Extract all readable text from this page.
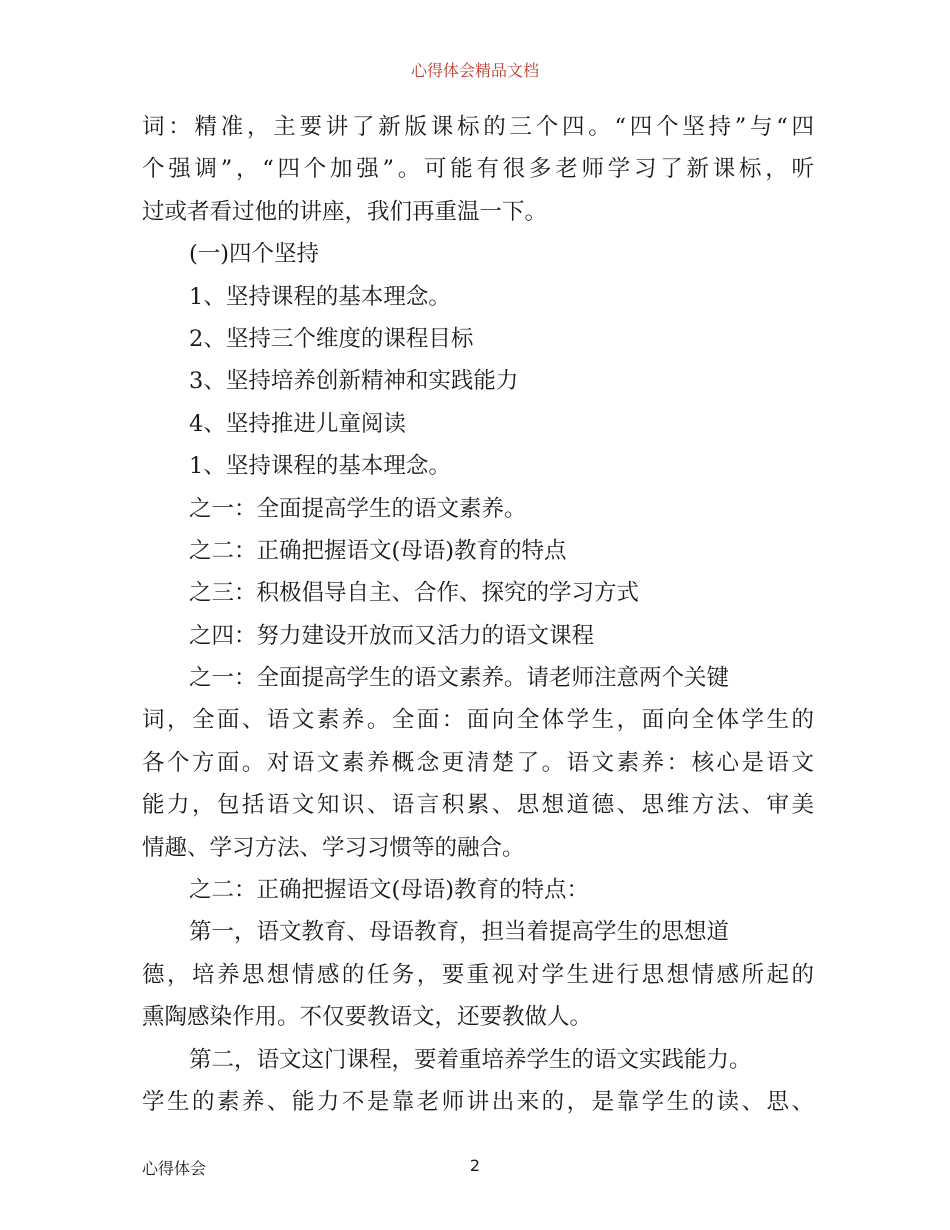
心得体会精品文档
词：精准，主要讲了新版课标的三个四。“四个坚持”与“四
个强调”，“四个加强”。可能有很多老师学习了新课标，听
过或者看过他的讲座，我们再重温一下。
(一)四个坚持
1、坚持课程的基本理念。
2、坚持三个维度的课程目标
3、坚持培养创新精神和实践能力
4、坚持推进儿童阅读
1、坚持课程的基本理念。
之一：全面提高学生的语文素养。
之二：正确把握语文(母语)教育的特点
之三：积极倡导自主、合作、探究的学习方式
之四：努力建设开放而又活力的语文课程
之一：全面提高学生的语文素养。请老师注意两个关键
词，全面、语文素养。全面：面向全体学生，面向全体学生的
各个方面。对语文素养概念更清楚了。语文素养：核心是语文
能力，包括语文知识、语言积累、思想道德、思维方法、审美
情趣、学习方法、学习习惯等的融合。
之二：正确把握语文(母语)教育的特点：
第一，语文教育、母语教育，担当着提高学生的思想道
德，培养思想情感的任务，要重视对学生进行思想情感所起的
熏陶感染作用。不仅要教语文，还要教做人。
第二，语文这门课程，要着重培养学生的语文实践能力。
学生的素养、能力不是靠老师讲出来的，是靠学生的读、思、
心得体会	2
